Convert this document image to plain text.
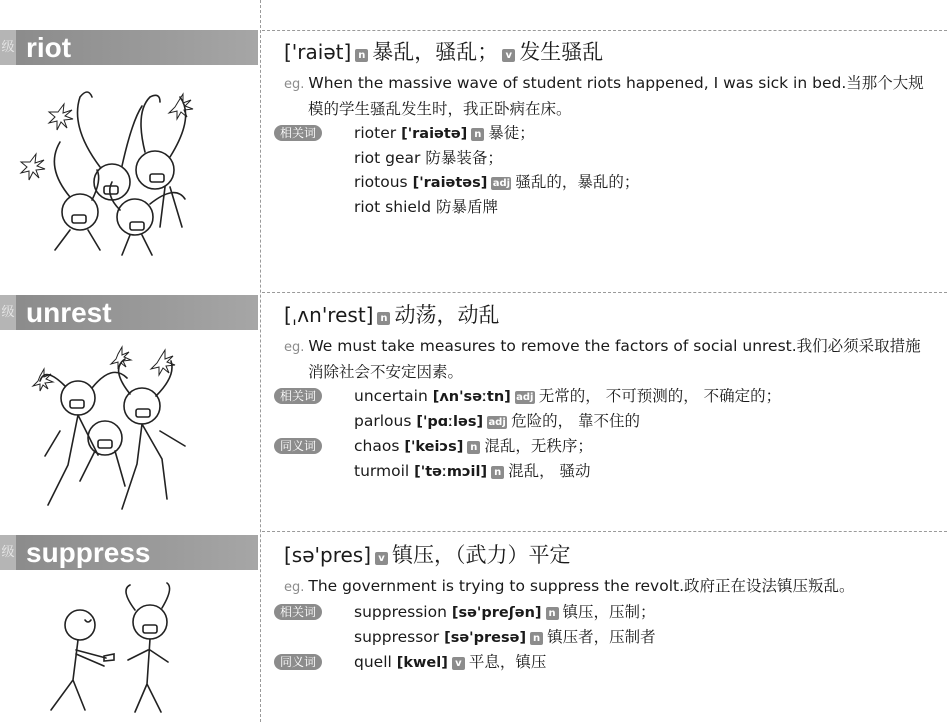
级 riot	['raiət] n 暴乱，骚乱； v 发生骚乱
eg. When the massive wave of student riots happened, I was sick in bed.当那个大规模的学生骚乱发生时，我正卧病在床。
相关词	rioter ['raiətə] n 暴徒；
riot gear 防暴装备；
riotous ['raiətəs] adj 骚乱的，暴乱的；
riot shield 防暴盾牌
级 unrest	[ˌʌn'rest] n 动荡，动乱
eg. We must take measures to remove the factors of social unrest.我们必须采取措施消除社会不安定因素。
相关词	uncertain [ʌn'səːtn] adj 无常的， 不可预测的， 不确定的；
parlous ['pɑːləs] adj 危险的， 靠不住的
同义词	chaos ['keiɔs] n 混乱，无秩序；
turmoil ['təːmɔil] n 混乱， 骚动
级 suppress	[sə'pres] v 镇压，（武力）平定
eg. The government is trying to suppress the revolt.政府正在设法镇压叛乱。
相关词	suppression [sə'preʃən] n 镇压，压制；
suppressor [sə'presə] n 镇压者，压制者
同义词	quell [kwel] v 平息，镇压
